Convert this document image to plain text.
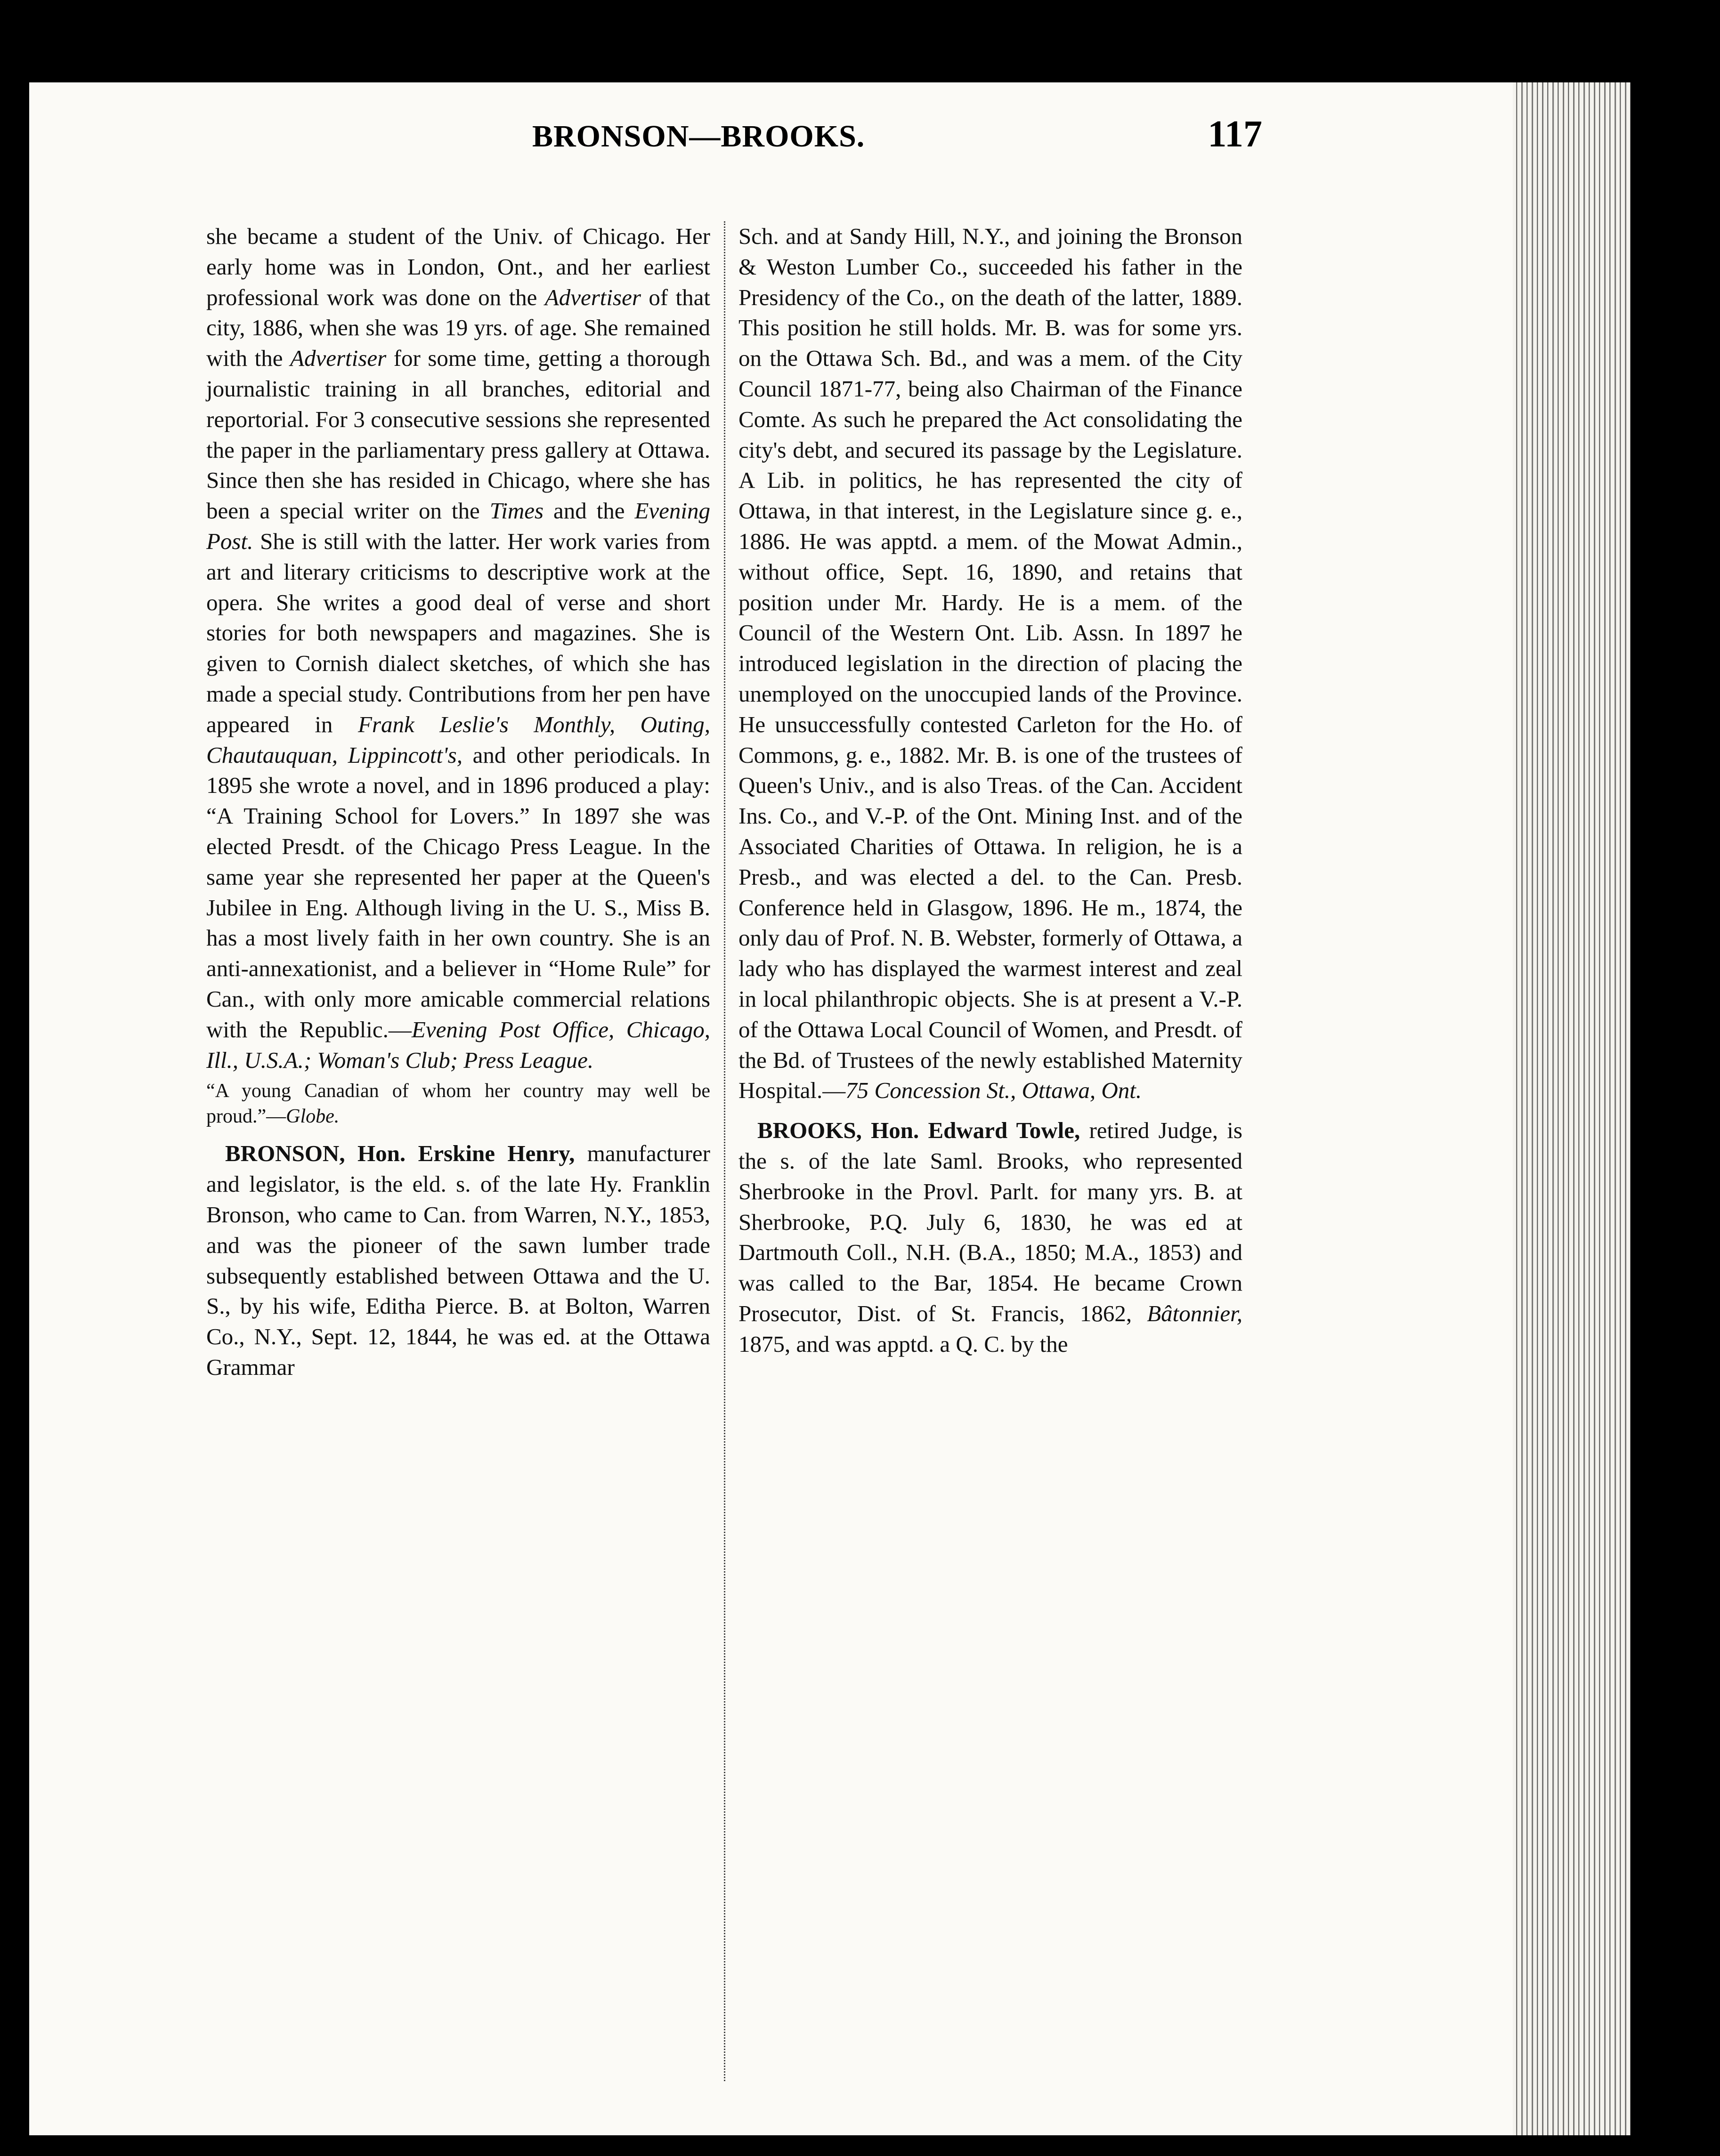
BRONSON—BROOKS.	117

she became a student of the Univ. of Chicago. Her early home was in London, Ont., and her earliest professional work was done on the Advertiser of that city, 1886, when she was 19 yrs. of age. She remained with the Advertiser for some time, getting a thorough journalistic training in all branches, editorial and reportorial. For 3 consecutive sessions she represented the paper in the parliamentary press gallery at Ottawa. Since then she has resided in Chicago, where she has been a special writer on the Times and the Evening Post. She is still with the latter. Her work varies from art and literary criticisms to descriptive work at the opera. She writes a good deal of verse and short stories for both newspapers and magazines. She is given to Cornish dialect sketches, of which she has made a special study. Contributions from her pen have appeared in Frank Leslie's Monthly, Outing, Chautauquan, Lippincott's, and other periodicals. In 1895 she wrote a novel, and in 1896 produced a play: “A Training School for Lovers.” In 1897 she was elected Presdt. of the Chicago Press League. In the same year she represented her paper at the Queen's Jubilee in Eng. Although living in the U. S., Miss B. has a most lively faith in her own country. She is an anti-annexationist, and a believer in “Home Rule” for Can., with only more amicable commercial relations with the Republic.—Evening Post Office, Chicago, Ill., U.S.A.; Woman's Club; Press League.

“A young Canadian of whom her country may well be proud.”—Globe.

BRONSON, Hon. Erskine Henry, manufacturer and legislator, is the eld. s. of the late Hy. Franklin Bronson, who came to Can. from Warren, N.Y., 1853, and was the pioneer of the sawn lumber trade subsequently established between Ottawa and the U. S., by his wife, Editha Pierce. B. at Bolton, Warren Co., N.Y., Sept. 12, 1844, he was ed. at the Ottawa Grammar

Sch. and at Sandy Hill, N.Y., and joining the Bronson & Weston Lumber Co., succeeded his father in the Presidency of the Co., on the death of the latter, 1889. This position he still holds. Mr. B. was for some yrs. on the Ottawa Sch. Bd., and was a mem. of the City Council 1871-77, being also Chairman of the Finance Comte. As such he prepared the Act consolidating the city's debt, and secured its passage by the Legislature. A Lib. in politics, he has represented the city of Ottawa, in that interest, in the Legislature since g. e., 1886. He was apptd. a mem. of the Mowat Admin., without office, Sept. 16, 1890, and retains that position under Mr. Hardy. He is a mem. of the Council of the Western Ont. Lib. Assn. In 1897 he introduced legislation in the direction of placing the unemployed on the unoccupied lands of the Province. He unsuccessfully contested Carleton for the Ho. of Commons, g. e., 1882. Mr. B. is one of the trustees of Queen's Univ., and is also Treas. of the Can. Accident Ins. Co., and V.-P. of the Ont. Mining Inst. and of the Associated Charities of Ottawa. In religion, he is a Presb., and was elected a del. to the Can. Presb. Conference held in Glasgow, 1896. He m., 1874, the only dau of Prof. N. B. Webster, formerly of Ottawa, a lady who has displayed the warmest interest and zeal in local philanthropic objects. She is at present a V.-P. of the Ottawa Local Council of Women, and Presdt. of the Bd. of Trustees of the newly established Maternity Hospital.—75 Concession St., Ottawa, Ont.

BROOKS, Hon. Edward Towle, retired Judge, is the s. of the late Saml. Brooks, who represented Sherbrooke in the Provl. Parlt. for many yrs. B. at Sherbrooke, P.Q. July 6, 1830, he was ed at Dartmouth Coll., N.H. (B.A., 1850; M.A., 1853) and was called to the Bar, 1854. He became Crown Prosecutor, Dist. of St. Francis, 1862, Bâtonnier, 1875, and was apptd. a Q. C. by the
